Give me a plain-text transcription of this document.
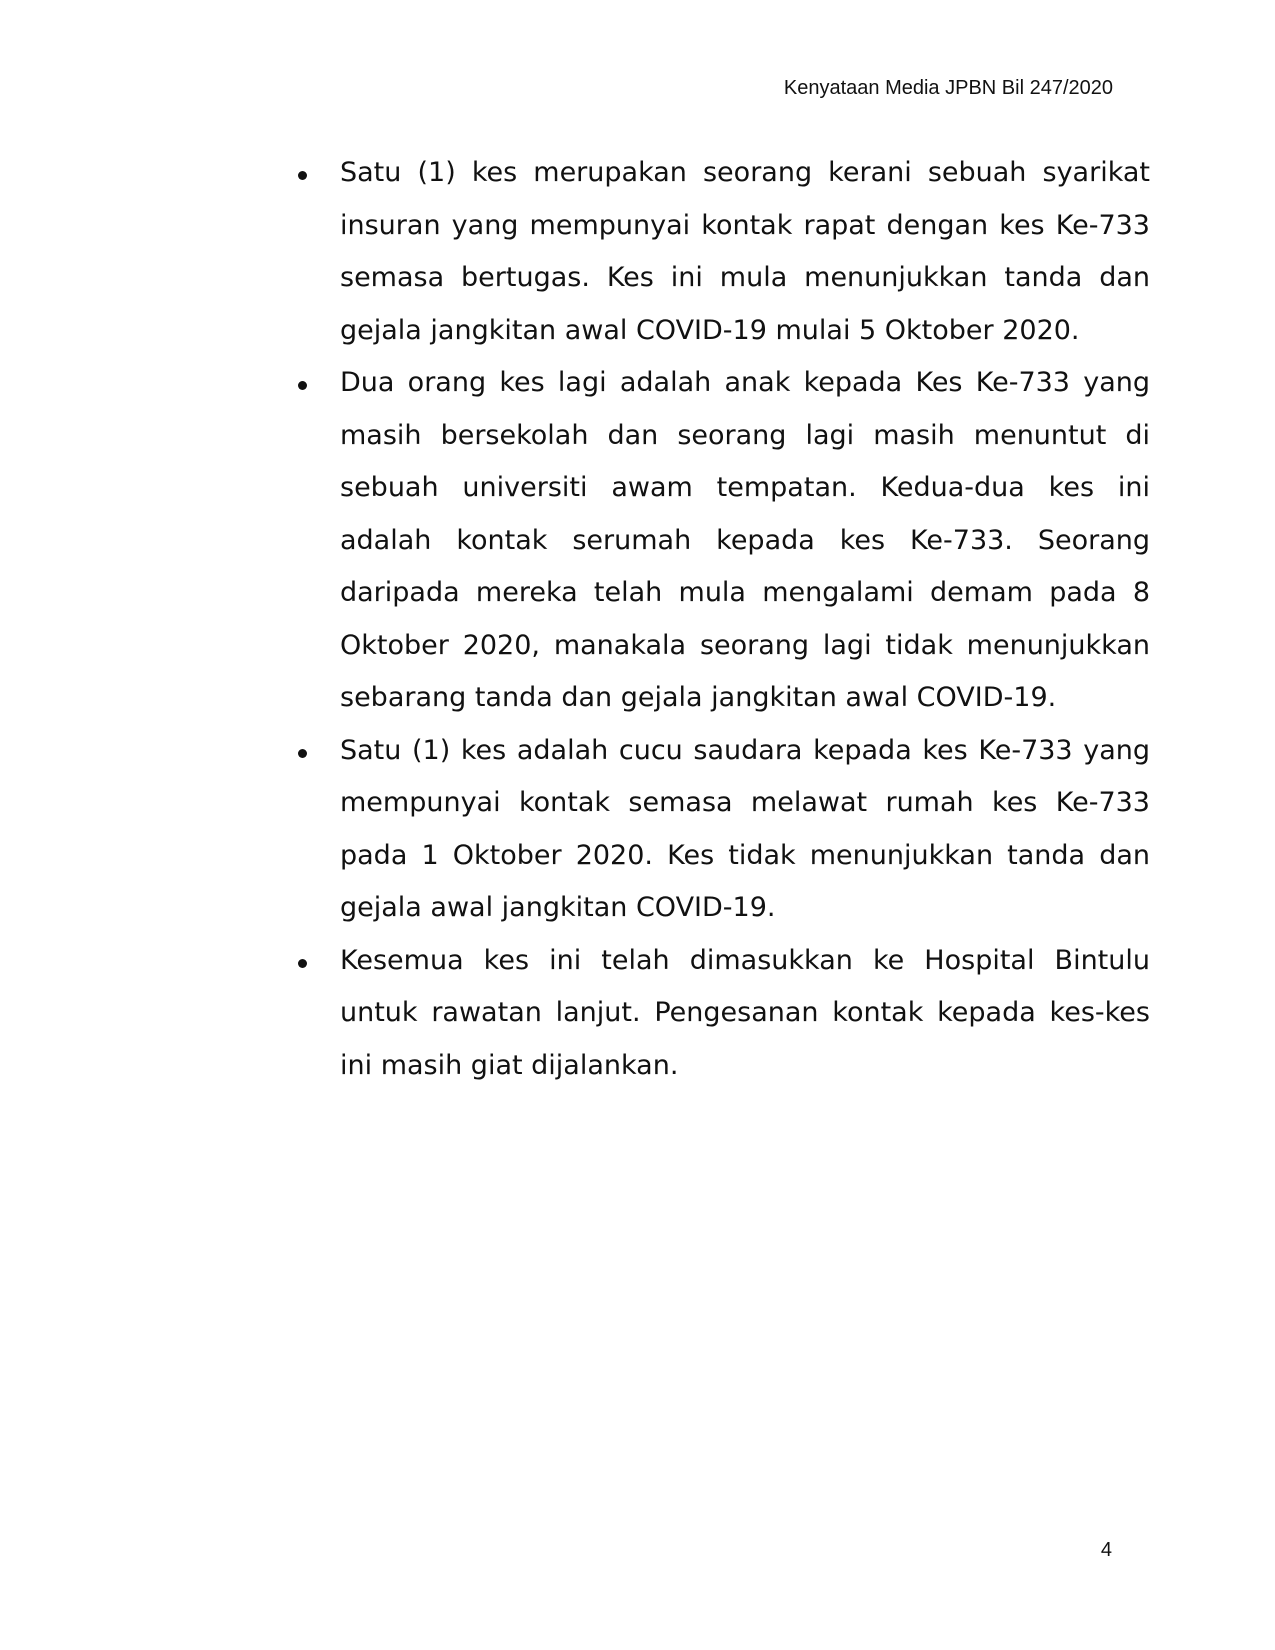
Kenyataan Media JPBN Bil 247/2020
Satu (1) kes merupakan seorang kerani sebuah syarikat insuran yang mempunyai kontak rapat dengan kes Ke-733 semasa bertugas. Kes ini mula menunjukkan tanda dan gejala jangkitan awal COVID-19 mulai 5 Oktober 2020.
Dua orang kes lagi adalah anak kepada Kes Ke-733 yang masih bersekolah dan seorang lagi masih menuntut di sebuah universiti awam tempatan. Kedua-dua kes ini adalah kontak serumah kepada kes Ke-733. Seorang daripada mereka telah mula mengalami demam pada 8 Oktober 2020, manakala seorang lagi tidak menunjukkan sebarang tanda dan gejala jangkitan awal COVID-19.
Satu (1) kes adalah cucu saudara kepada kes Ke-733 yang mempunyai kontak semasa melawat rumah kes Ke-733 pada 1 Oktober 2020. Kes tidak menunjukkan tanda dan gejala awal jangkitan COVID-19.
Kesemua kes ini telah dimasukkan ke Hospital Bintulu untuk rawatan lanjut. Pengesanan kontak kepada kes-kes ini masih giat dijalankan.
4
